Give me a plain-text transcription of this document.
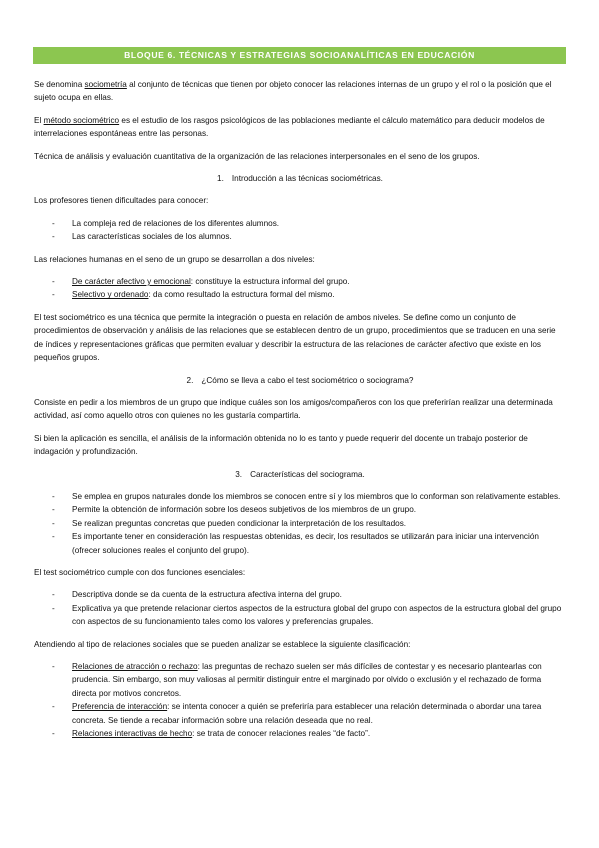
BLOQUE 6. TÉCNICAS Y ESTRATEGIAS SOCIOANALÍTICAS EN EDUCACIÓN

Se denomina sociometría al conjunto de técnicas que tienen por objeto conocer las relaciones internas de un grupo y el rol o la posición que el sujeto ocupa en ellas.

El método sociométrico es el estudio de los rasgos psicológicos de las poblaciones mediante el cálculo matemático para deducir modelos de interrelaciones espontáneas entre las personas.

Técnica de análisis y evaluación cuantitativa de la organización de las relaciones interpersonales en el seno de los grupos.

1. Introducción a las técnicas sociométricas.

Los profesores tienen dificultades para conocer:

- La compleja red de relaciones de los diferentes alumnos.
- Las características sociales de los alumnos.

Las relaciones humanas en el seno de un grupo se desarrollan a dos niveles:

- De carácter afectivo y emocional: constituye la estructura informal del grupo.
- Selectivo y ordenado: da como resultado la estructura formal del mismo.

El test sociométrico es una técnica que permite la integración o puesta en relación de ambos niveles. Se define como un conjunto de procedimientos de observación y análisis de las relaciones que se establecen dentro de un grupo, procedimientos que se traducen en una serie de índices y representaciones gráficas que permiten evaluar y describir la estructura de las relaciones de carácter afectivo que existe en los pequeños grupos.

2. ¿Cómo se lleva a cabo el test sociométrico o sociograma?

Consiste en pedir a los miembros de un grupo que indique cuáles son los amigos/compañeros con los que preferirían realizar una determinada actividad, así como aquello otros con quienes no les gustaría compartirla.

Si bien la aplicación es sencilla, el análisis de la información obtenida no lo es tanto y puede requerir del docente un trabajo posterior de indagación y profundización.

3. Características del sociograma.
- Se emplea en grupos naturales donde los miembros se conocen entre sí y los miembros que lo conforman son relativamente estables.
- Permite la obtención de información sobre los deseos subjetivos de los miembros de un grupo.
- Se realizan preguntas concretas que pueden condicionar la interpretación de los resultados.
- Es importante tener en consideración las respuestas obtenidas, es decir, los resultados se utilizarán para iniciar una intervención (ofrecer soluciones reales el conjunto del grupo).

El test sociométrico cumple con dos funciones esenciales:

- Descriptiva donde se da cuenta de la estructura afectiva interna del grupo.
- Explicativa ya que pretende relacionar ciertos aspectos de la estructura global del grupo con aspectos de la estructura global del grupo con aspectos de su funcionamiento tales como los valores y preferencias grupales.

Atendiendo al tipo de relaciones sociales que se pueden analizar se establece la siguiente clasificación:

- Relaciones de atracción o rechazo: las preguntas de rechazo suelen ser más difíciles de contestar y es necesario plantearlas con prudencia. Sin embargo, son muy valiosas al permitir distinguir entre el marginado por olvido o exclusión y el rechazado de forma directa por motivos concretos.
- Preferencia de interacción: se intenta conocer a quién se preferiría para establecer una relación determinada o abordar una tarea concreta. Se tiende a recabar información sobre una relación deseada que no real.
- Relaciones interactivas de hecho: se trata de conocer relaciones reales “de facto”.
